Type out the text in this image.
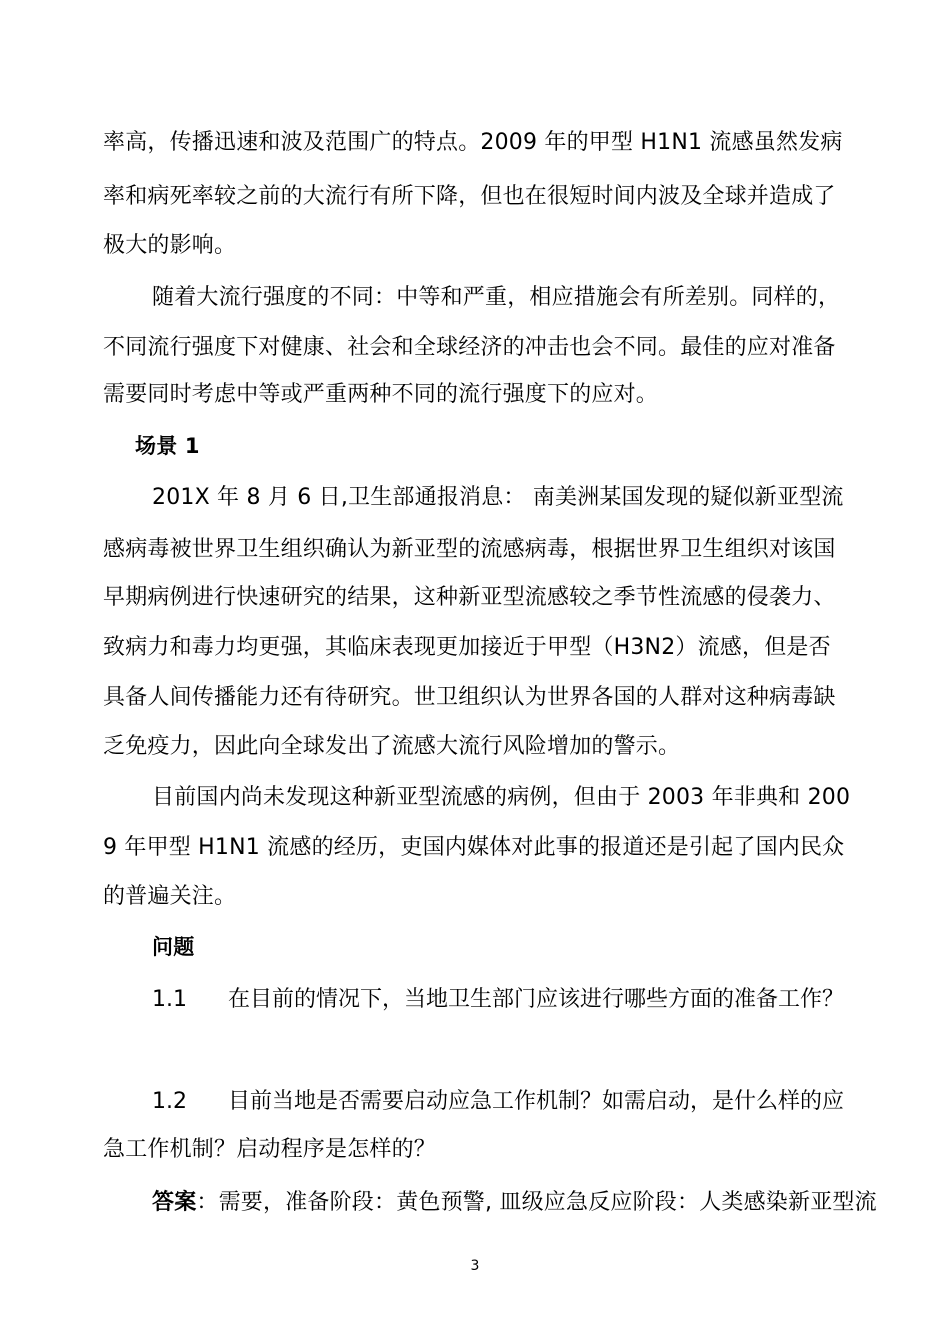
率高，传播迅速和波及范围广的特点。2009 年的甲型 H1N1 流感虽然发病
率和病死率较之前的大流行有所下降，但也在很短时间内波及全球并造成了
极大的影响。
随着大流行强度的不同：中等和严重，相应措施会有所差别。同样的，
不同流行强度下对健康、社会和全球经济的冲击也会不同。最佳的应对准备
需要同时考虑中等或严重两种不同的流行强度下的应对。
场景 1
201X 年 8 月 6 日,卫生部通报消息： 南美洲某国发现的疑似新亚型流
感病毒被世界卫生组织确认为新亚型的流感病毒，根据世界卫生组织对该国
早期病例进行快速研究的结果，这种新亚型流感较之季节性流感的侵袭力、
致病力和毒力均更强，其临床表现更加接近于甲型（H3N2）流感，但是否
具备人间传播能力还有待研究。世卫组织认为世界各国的人群对这种病毒缺
乏免疫力，因此向全球发出了流感大流行风险增加的警示。
目前国内尚未发现这种新亚型流感的病例，但由于 2003 年非典和 200
9 年甲型 H1N1 流感的经历，吏国内媒体对此事的报道还是引起了国内民众
的普遍关注。
问题
1.1 在目前的情况下，当地卫生部门应该进行哪些方面的准备工作？
1.2 目前当地是否需要启动应急工作机制？如需启动，是什么样的应
急工作机制？启动程序是怎样的？
答案：需要，准备阶段：黄色预警, 皿级应急反应阶段：人类感染新亚型流
3
